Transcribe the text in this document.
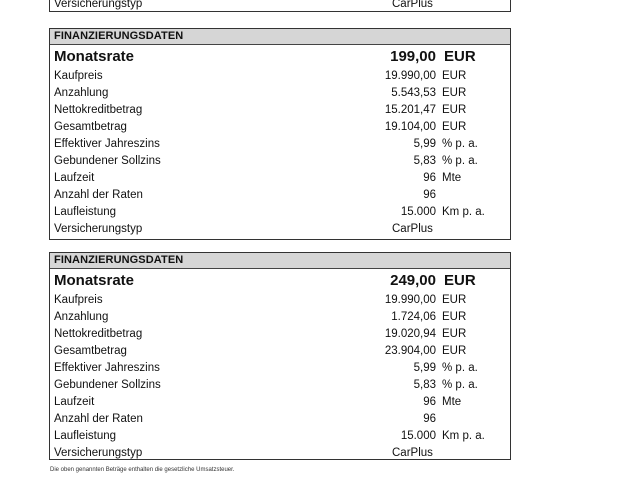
Versicherungstyp	CarPlus
FINANZIERUNGSDATEN
Monatsrate	199,00 EUR
Kaufpreis	19.990,00 EUR
Anzahlung	5.543,53 EUR
Nettokreditbetrag	15.201,47 EUR
Gesamtbetrag	19.104,00 EUR
Effektiver Jahreszins	5,99 % p. a.
Gebundener Sollzins	5,83 % p. a.
Laufzeit	96 Mte
Anzahl der Raten	96
Laufleistung	15.000 Km p. a.
Versicherungstyp	CarPlus
FINANZIERUNGSDATEN
Monatsrate	249,00 EUR
Kaufpreis	19.990,00 EUR
Anzahlung	1.724,06 EUR
Nettokreditbetrag	19.020,94 EUR
Gesamtbetrag	23.904,00 EUR
Effektiver Jahreszins	5,99 % p. a.
Gebundener Sollzins	5,83 % p. a.
Laufzeit	96 Mte
Anzahl der Raten	96
Laufleistung	15.000 Km p. a.
Versicherungstyp	CarPlus
Die oben genannten Beträge enthalten die gesetzliche Umsatzsteuer.
